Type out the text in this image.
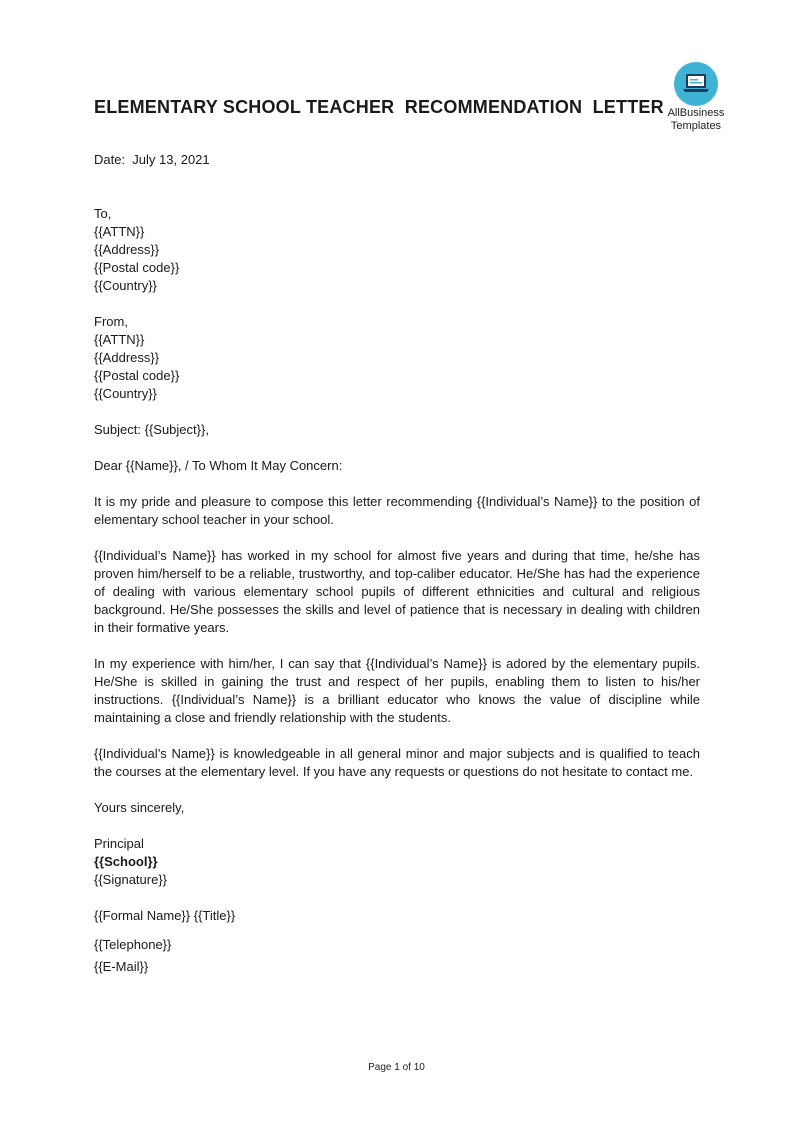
ELEMENTARY SCHOOL TEACHER  RECOMMENDATION  LETTER AllBusiness
Templates
Date:  July 13, 2021
To,
{{ATTN}}
{{Address}}
{{Postal code}}
{{Country}}
From,
{{ATTN}}
{{Address}}
{{Postal code}}
{{Country}}
Subject: {{Subject}},
Dear {{Name}}, / To Whom It May Concern:
It is my pride and pleasure to compose this letter recommending {{Individual’s Name}} to the position of elementary school teacher in your school.
{{Individual’s Name}} has worked in my school for almost five years and during that time, he/she has proven him/herself to be a reliable, trustworthy, and top-caliber educator. He/She has had the experience of dealing with various elementary school pupils of different ethnicities and cultural and religious background. He/She possesses the skills and level of patience that is necessary in dealing with children in their formative years.
In my experience with him/her, I can say that {{Individual’s Name}} is adored by the elementary pupils. He/She is skilled in gaining the trust and respect of her pupils, enabling them to listen to his/her instructions. {{Individual’s Name}} is a brilliant educator who knows the value of discipline while maintaining a close and friendly relationship with the students.
{{Individual’s Name}} is knowledgeable in all general minor and major subjects and is qualified to teach the courses at the elementary level. If you have any requests or questions do not hesitate to contact me.
Yours sincerely,
Principal
{{School}}
{{Signature}}
{{Formal Name}} {{Title}}
{{Telephone}}
{{E-Mail}}
Page 1 of 10
